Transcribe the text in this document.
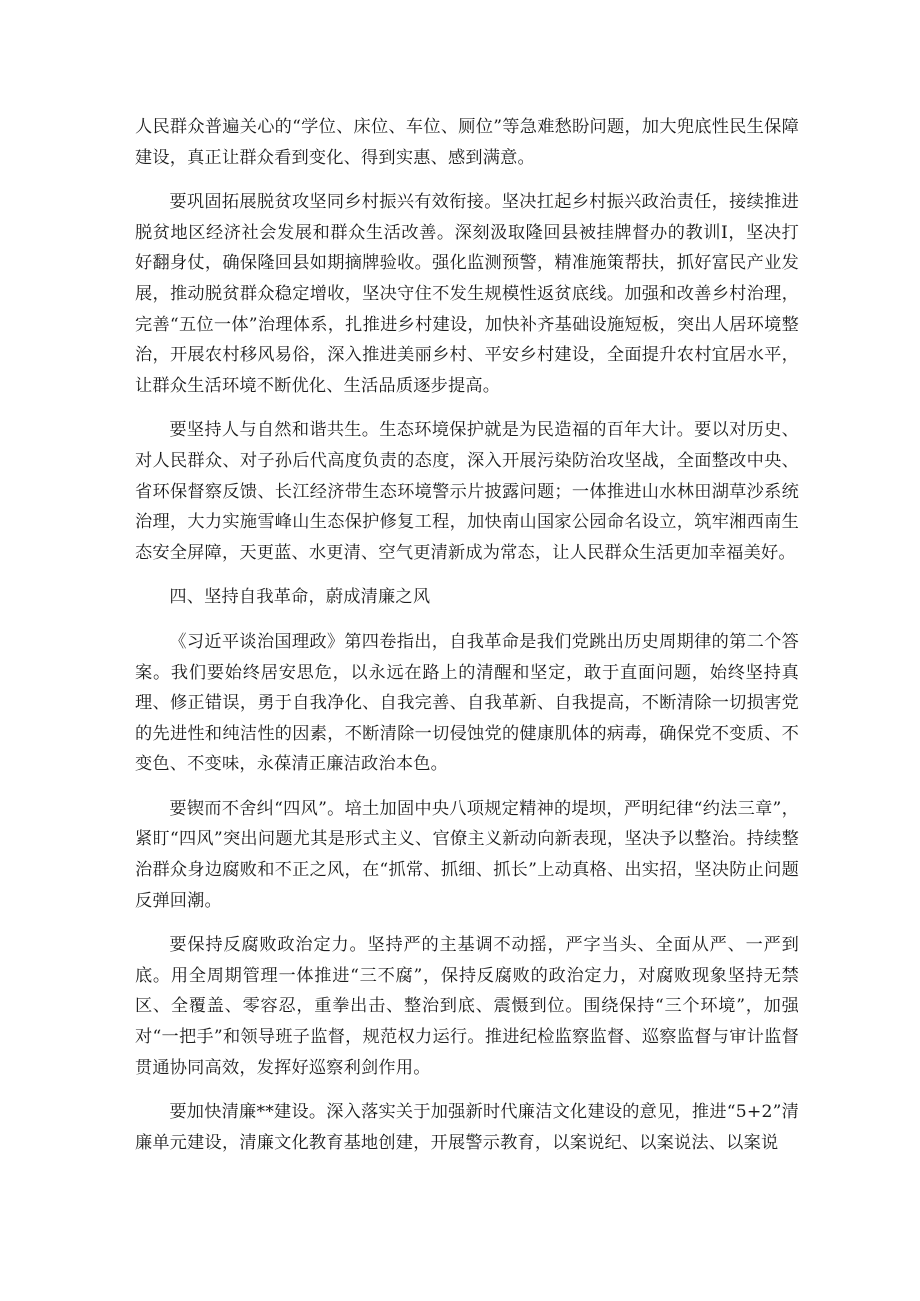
人民群众普遍关心的“学位、床位、车位、厕位”等急难愁盼问题，加大兜底性民生保障建设，真正让群众看到变化、得到实惠、感到满意。

要巩固拓展脱贫攻坚同乡村振兴有效衔接。坚决扛起乡村振兴政治责任，接续推进脱贫地区经济社会发展和群众生活改善。深刻汲取隆回县被挂牌督办的教训I，坚决打好翻身仗，确保隆回县如期摘牌验收。强化监测预警，精准施策帮扶，抓好富民产业发展，推动脱贫群众稳定增收，坚决守住不发生规模性返贫底线。加强和改善乡村治理，完善“五位一体”治理体系，扎推进乡村建设，加快补齐基础设施短板，突出人居环境整治，开展农村移风易俗，深入推进美丽乡村、平安乡村建设，全面提升农村宜居水平，让群众生活环境不断优化、生活品质逐步提高。

要坚持人与自然和谐共生。生态环境保护就是为民造福的百年大计。要以对历史、对人民群众、对子孙后代高度负责的态度，深入开展污染防治攻坚战，全面整改中央、省环保督察反馈、长江经济带生态环境警示片披露问题；一体推进山水林田湖草沙系统治理，大力实施雪峰山生态保护修复工程，加快南山国家公园命名设立，筑牢湘西南生态安全屏障，天更蓝、水更清、空气更清新成为常态，让人民群众生活更加幸福美好。

四、坚持自我革命，蔚成清廉之风

《习近平谈治国理政》第四卷指出，自我革命是我们党跳出历史周期律的第二个答案。我们要始终居安思危，以永远在路上的清醒和坚定，敢于直面问题，始终坚持真理、修正错误，勇于自我净化、自我完善、自我革新、自我提高，不断清除一切损害党的先进性和纯洁性的因素，不断清除一切侵蚀党的健康肌体的病毒，确保党不变质、不变色、不变味，永葆清正廉洁政治本色。

要锲而不舍纠“四风”。培土加固中央八项规定精神的堤坝，严明纪律“约法三章”，紧盯“四风”突出问题尤其是形式主义、官僚主义新动向新表现，坚决予以整治。持续整治群众身边腐败和不正之风，在“抓常、抓细、抓长”上动真格、出实招，坚决防止问题反弹回潮。

要保持反腐败政治定力。坚持严的主基调不动摇，严字当头、全面从严、一严到底。用全周期管理一体推进“三不腐”，保持反腐败的政治定力，对腐败现象坚持无禁区、全覆盖、零容忍，重拳出击、整治到底、震慑到位。围绕保持“三个环境”，加强对“一把手”和领导班子监督，规范权力运行。推进纪检监察监督、巡察监督与审计监督贯通协同高效，发挥好巡察利剑作用。

要加快清廉**建设。深入落实关于加强新时代廉洁文化建设的意见，推进“5+2”清廉单元建设，清廉文化教育基地创建，开展警示教育，以案说纪、以案说法、以案说
